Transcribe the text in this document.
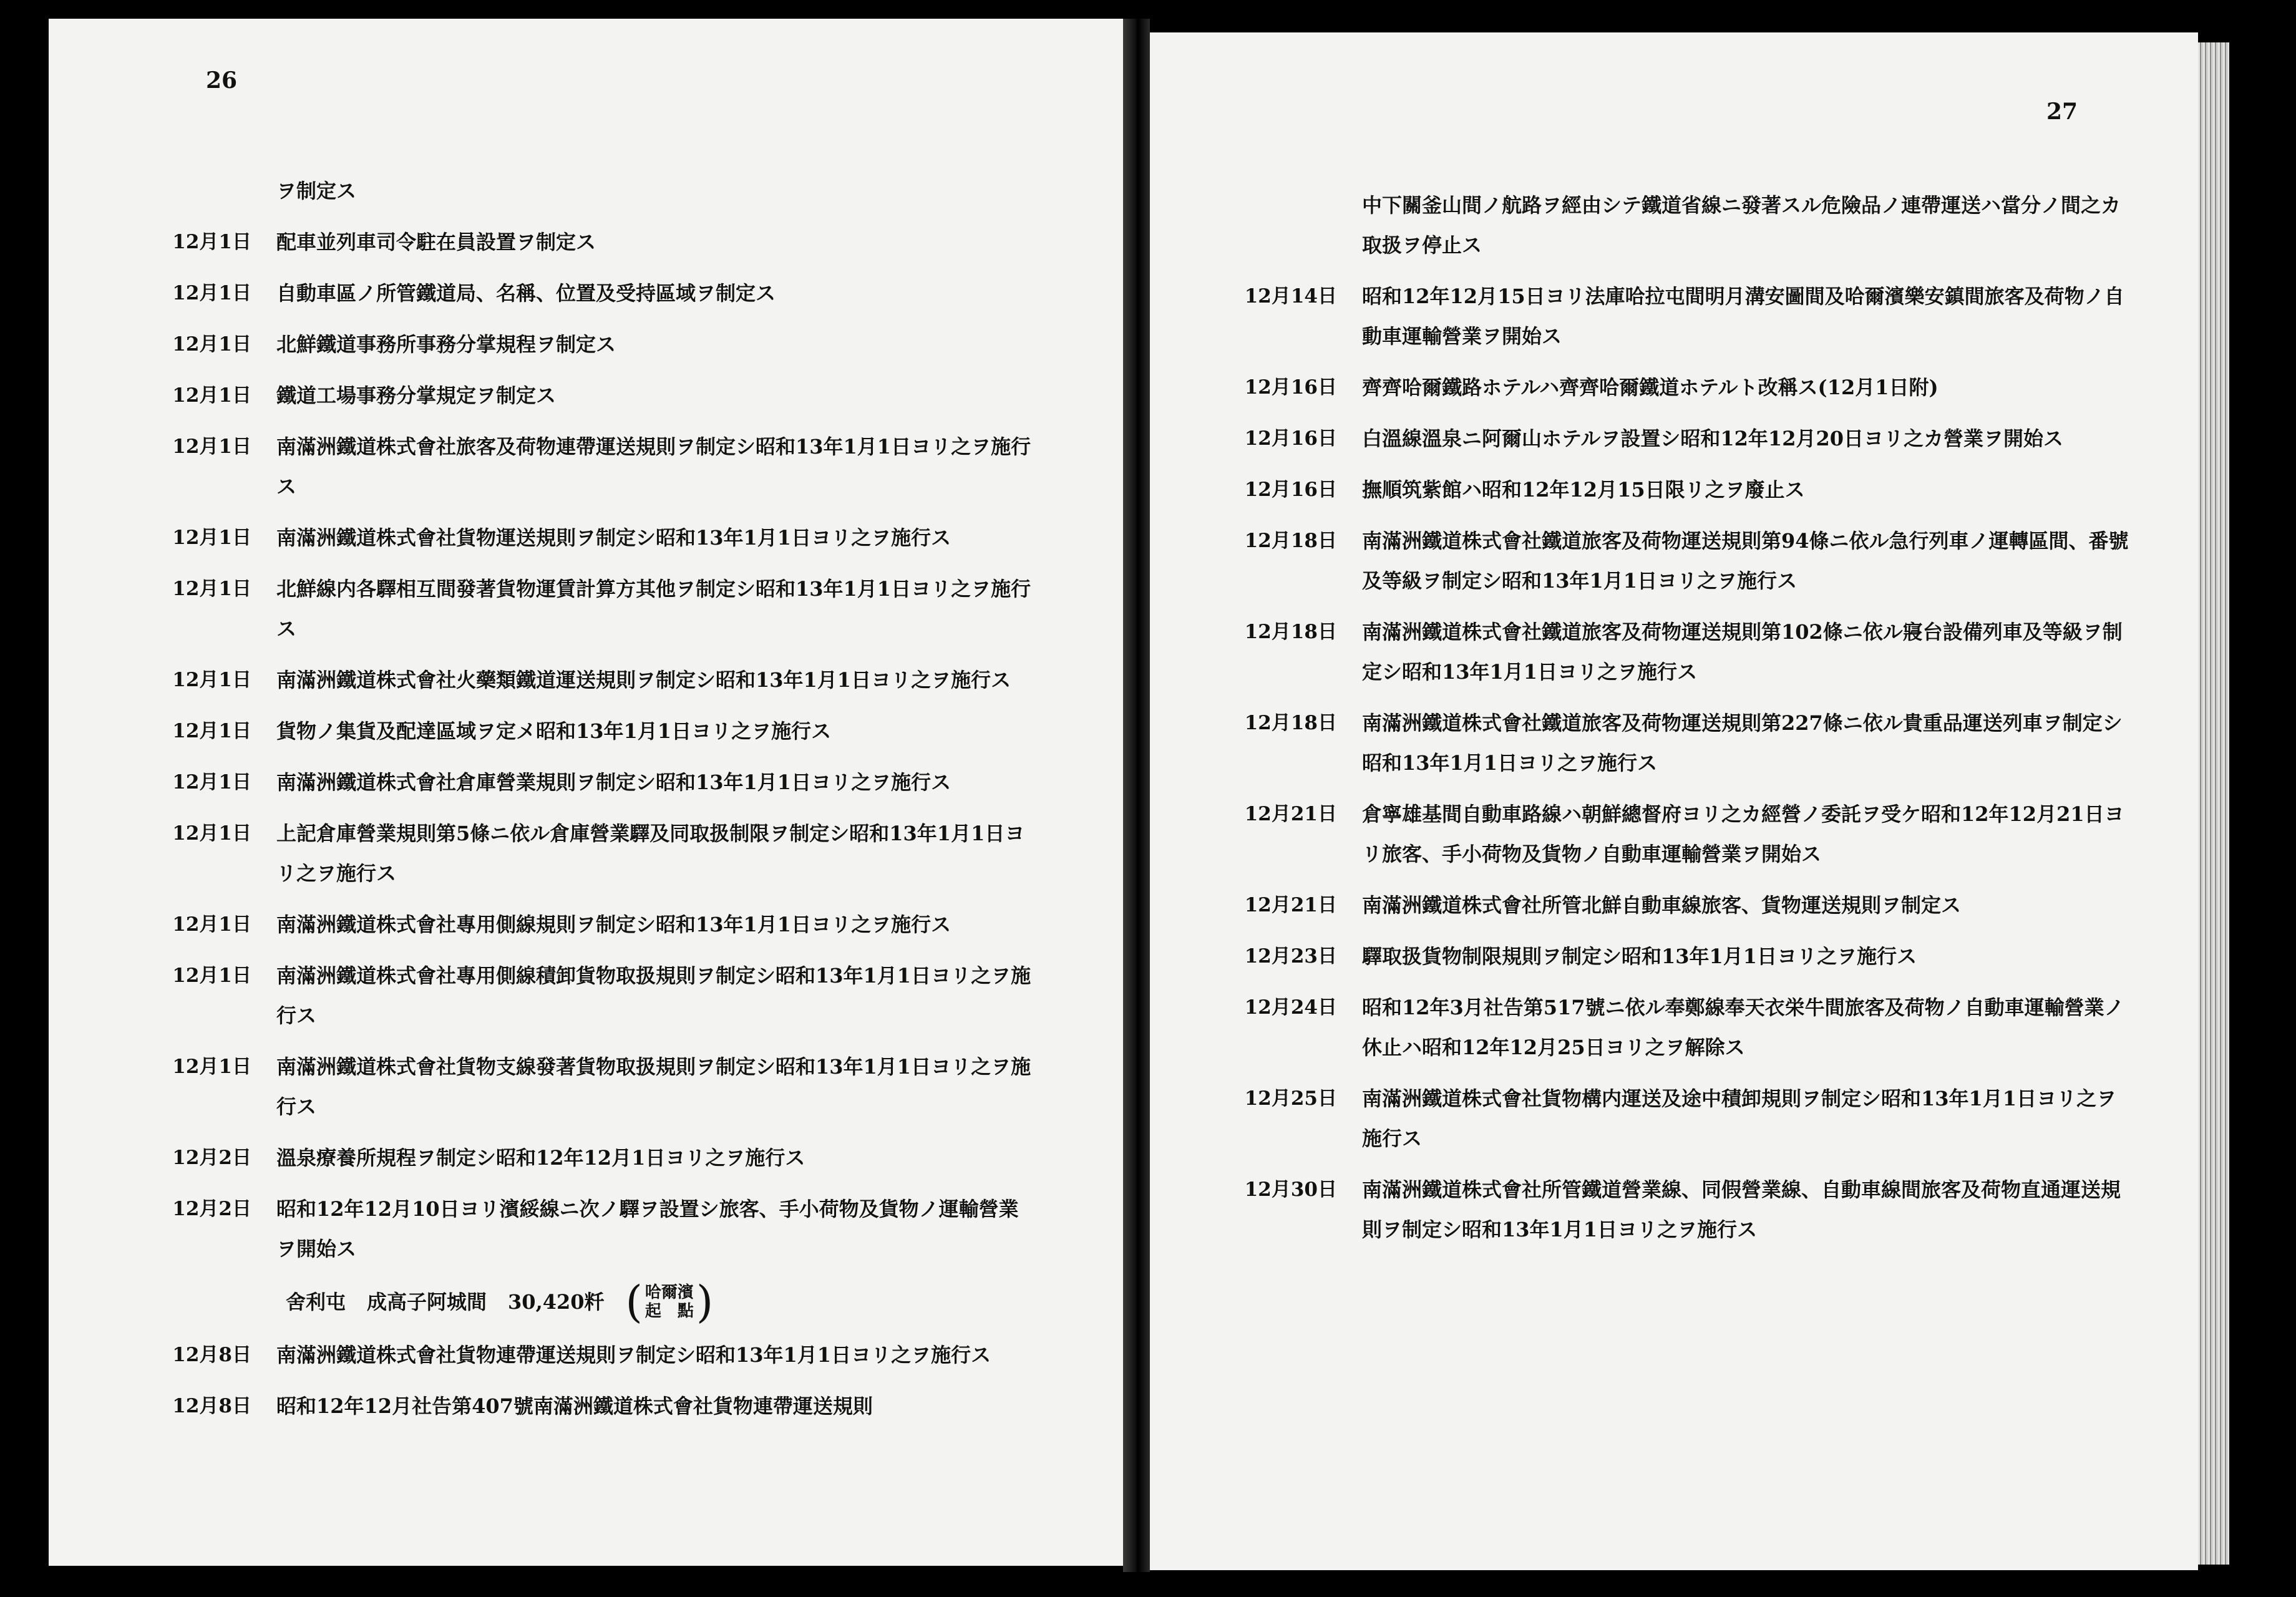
26
ヲ制定ス
12月1日	配車並列車司令駐在員設置ヲ制定ス
12月1日	自動車區ノ所管鐵道局、名稱、位置及受持區域ヲ制定ス
12月1日	北鮮鐵道事務所事務分掌規程ヲ制定ス
12月1日	鐵道工場事務分掌規定ヲ制定ス
12月1日	南滿洲鐵道株式會社旅客及荷物連帶運送規則ヲ制定シ昭和13年1月1日ヨリ之ヲ施行ス
12月1日	南滿洲鐵道株式會社貨物運送規則ヲ制定シ昭和13年1月1日ヨリ之ヲ施行ス
12月1日	北鮮線内各驛相互間發著貨物運賃計算方其他ヲ制定シ昭和13年1月1日ヨリ之ヲ施行ス
12月1日	南滿洲鐵道株式會社火藥類鐵道運送規則ヲ制定シ昭和13年1月1日ヨリ之ヲ施行ス
12月1日	貨物ノ集貨及配達區域ヲ定メ昭和13年1月1日ヨリ之ヲ施行ス
12月1日	南滿洲鐵道株式會社倉庫營業規則ヲ制定シ昭和13年1月1日ヨリ之ヲ施行ス
12月1日	上記倉庫營業規則第5條ニ依ル倉庫營業驛及同取扱制限ヲ制定シ昭和13年1月1日ヨリ之ヲ施行ス
12月1日	南滿洲鐵道株式會社專用側線規則ヲ制定シ昭和13年1月1日ヨリ之ヲ施行ス
12月1日	南滿洲鐵道株式會社專用側線積卸貨物取扱規則ヲ制定シ昭和13年1月1日ヨリ之ヲ施行ス
12月1日	南滿洲鐵道株式會社貨物支線發著貨物取扱規則ヲ制定シ昭和13年1月1日ヨリ之ヲ施行ス
12月2日	溫泉療養所規程ヲ制定シ昭和12年12月1日ヨリ之ヲ施行ス
12月2日	昭和12年12月10日ヨリ濱綏線ニ次ノ驛ヲ設置シ旅客、手小荷物及貨物ノ運輸營業ヲ開始ス
舍利屯 成高子阿城間 30,420粁 ( 哈爾濱
起　點 )
12月8日	南滿洲鐵道株式會社貨物連帶運送規則ヲ制定シ昭和13年1月1日ヨリ之ヲ施行ス
12月8日	昭和12年12月社告第407號南滿洲鐵道株式會社貨物連帶運送規則
27
中下關釜山間ノ航路ヲ經由シテ鐵道省線ニ發著スル危險品ノ連帶運送ハ當分ノ間之カ取扱ヲ停止ス
12月14日	昭和12年12月15日ヨリ法庫哈拉屯間明月溝安圖間及哈爾濱樂安鎮間旅客及荷物ノ自動車運輸營業ヲ開始ス
12月16日	齊齊哈爾鐵路ホテルハ齊齊哈爾鐵道ホテルト改稱ス(12月1日附)
12月16日	白溫線溫泉ニ阿爾山ホテルヲ設置シ昭和12年12月20日ヨリ之カ營業ヲ開始ス
12月16日	撫順筑紫館ハ昭和12年12月15日限リ之ヲ廢止ス
12月18日	南滿洲鐵道株式會社鐵道旅客及荷物運送規則第94條ニ依ル急行列車ノ運轉區間、番號及等級ヲ制定シ昭和13年1月1日ヨリ之ヲ施行ス
12月18日	南滿洲鐵道株式會社鐵道旅客及荷物運送規則第102條ニ依ル寢台設備列車及等級ヲ制定シ昭和13年1月1日ヨリ之ヲ施行ス
12月18日	南滿洲鐵道株式會社鐵道旅客及荷物運送規則第227條ニ依ル貴重品運送列車ヲ制定シ昭和13年1月1日ヨリ之ヲ施行ス
12月21日	倉寧雄基間自動車路線ハ朝鮮總督府ヨリ之カ經營ノ委託ヲ受ケ昭和12年12月21日ヨリ旅客、手小荷物及貨物ノ自動車運輸營業ヲ開始ス
12月21日	南滿洲鐵道株式會社所管北鮮自動車線旅客、貨物運送規則ヲ制定ス
12月23日	驛取扱貨物制限規則ヲ制定シ昭和13年1月1日ヨリ之ヲ施行ス
12月24日	昭和12年3月社告第517號ニ依ル奉鄭線奉天衣栄牛間旅客及荷物ノ自動車運輸營業ノ休止ハ昭和12年12月25日ヨリ之ヲ解除ス
12月25日	南滿洲鐵道株式會社貨物構内運送及途中積卸規則ヲ制定シ昭和13年1月1日ヨリ之ヲ施行ス
12月30日	南滿洲鐵道株式會社所管鐵道營業線、同假營業線、自動車線間旅客及荷物直通運送規則ヲ制定シ昭和13年1月1日ヨリ之ヲ施行ス
